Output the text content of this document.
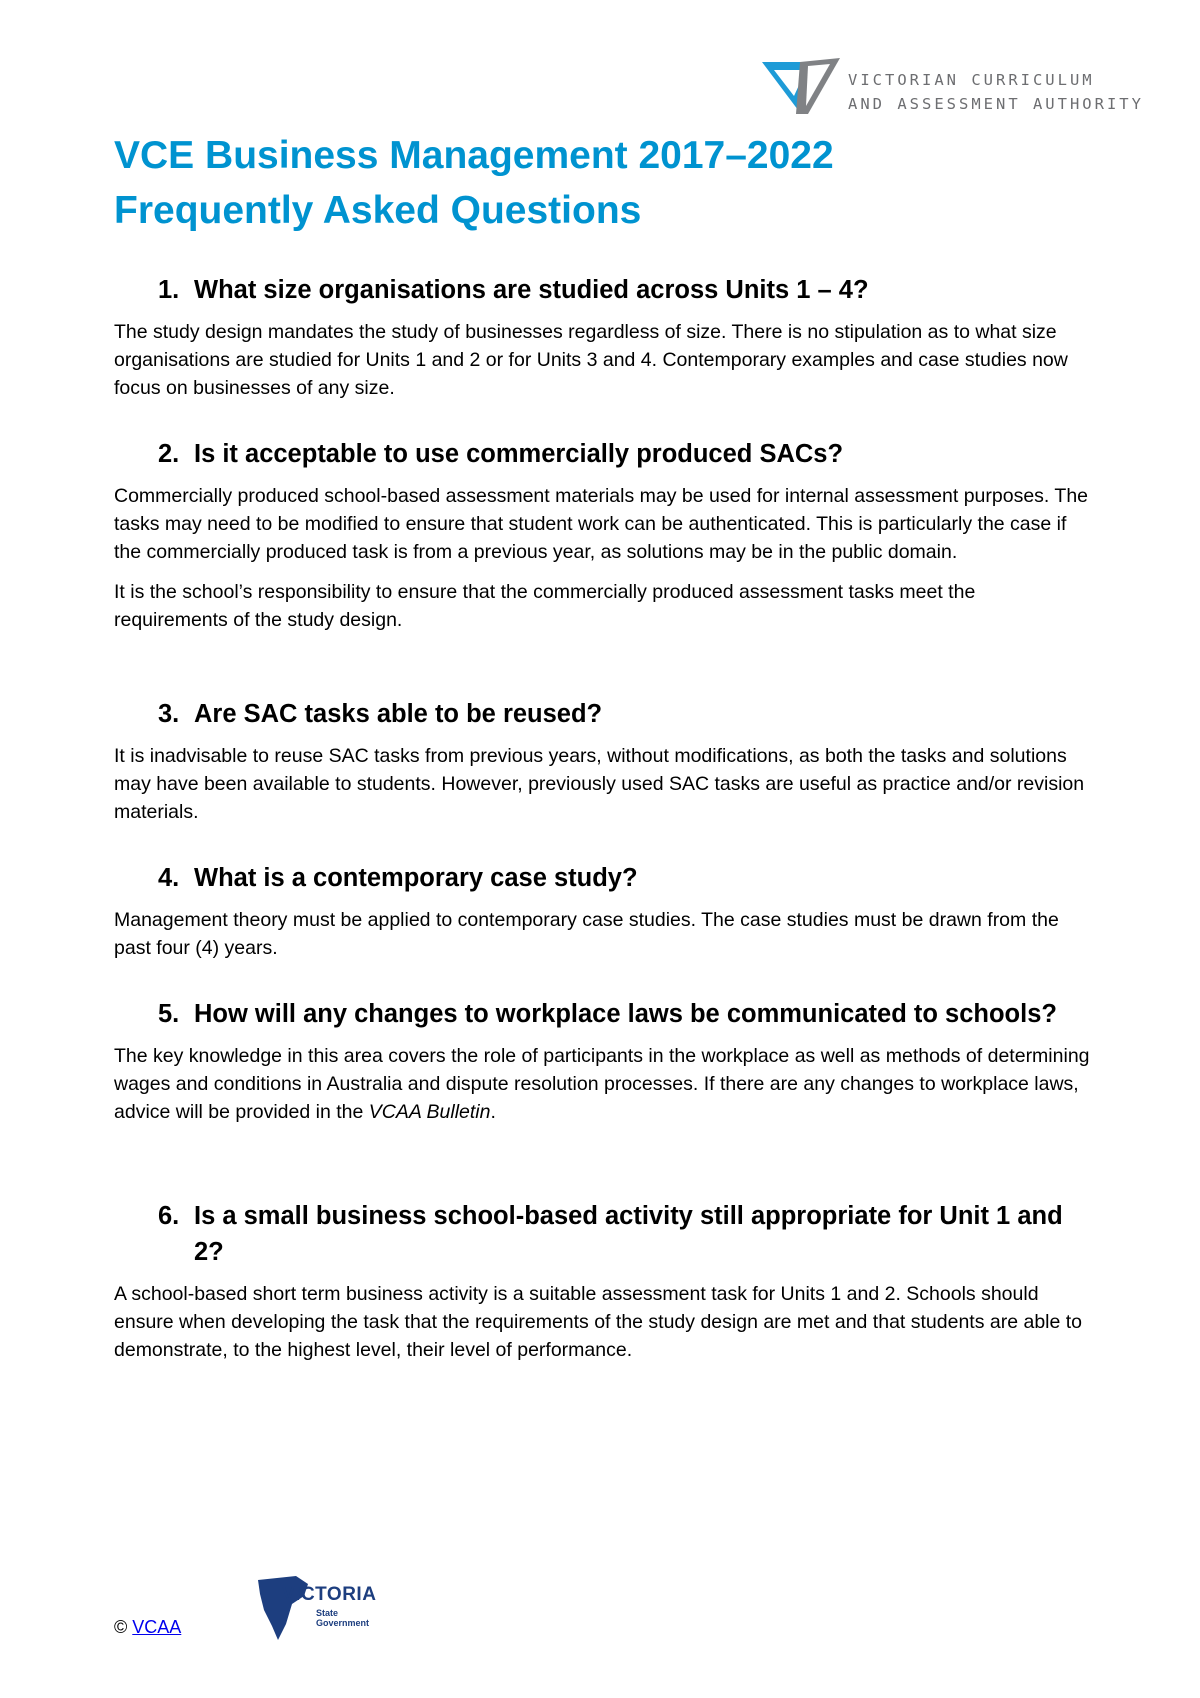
VICTORIAN CURRICULUM
AND ASSESSMENT AUTHORITY
VCE Business Management 2017–2022
Frequently Asked Questions
1. What size organisations are studied across Units 1 – 4?

The study design mandates the study of businesses regardless of size. There is no stipulation as to what size organisations are studied for Units 1 and 2 or for Units 3 and 4. Contemporary examples and case studies now focus on businesses of any size.

2. Is it acceptable to use commercially produced SACs?

Commercially produced school-based assessment materials may be used for internal assessment purposes. The tasks may need to be modified to ensure that student work can be authenticated. This is particularly the case if the commercially produced task is from a previous year, as solutions may be in the public domain.

It is the school’s responsibility to ensure that the commercially produced assessment tasks meet the requirements of the study design.

3. Are SAC tasks able to be reused?

It is inadvisable to reuse SAC tasks from previous years, without modifications, as both the tasks and solutions may have been available to students. However, previously used SAC tasks are useful as practice and/or revision materials.

4. What is a contemporary case study?

Management theory must be applied to contemporary case studies. The case studies must be drawn from the past four (4) years.

5. How will any changes to workplace laws be communicated to schools?

The key knowledge in this area covers the role of participants in the workplace as well as methods of determining wages and conditions in Australia and dispute resolution processes. If there are any changes to workplace laws, advice will be provided in the VCAA Bulletin.

6. Is a small business school-based activity still appropriate for Unit 1 and 2?

A school-based short term business activity is a suitable assessment task for Units 1 and 2. Schools should ensure when developing the task that the requirements of the study design are met and that students are able to demonstrate, to the highest level, their level of performance.

© VCAA
VICTORIA
State
Government
